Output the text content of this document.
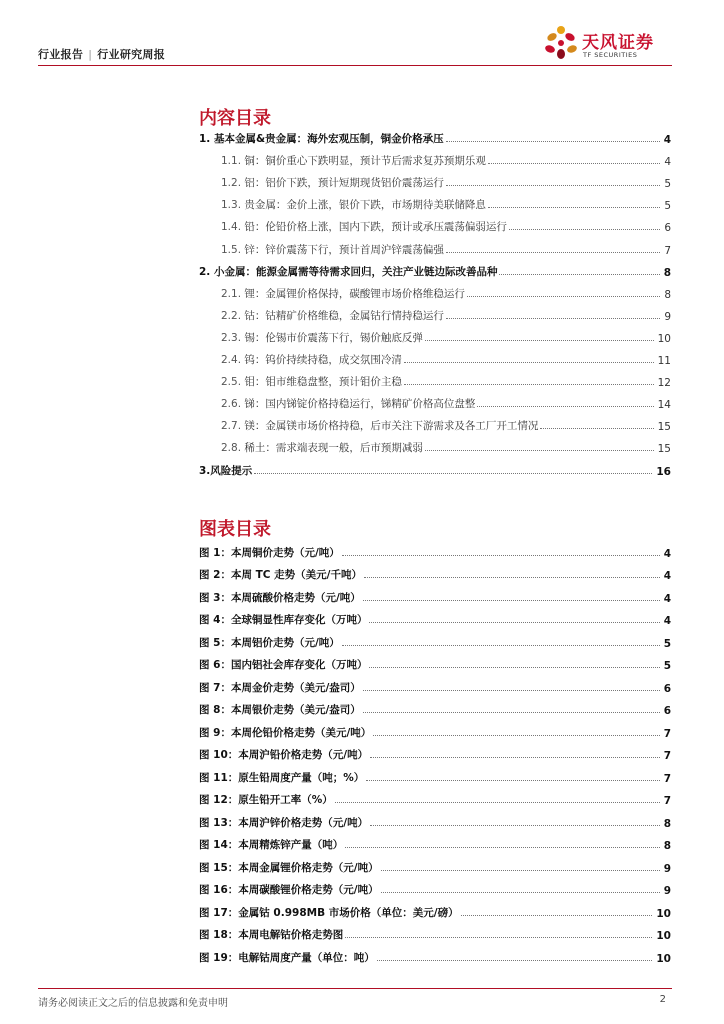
行业报告 | 行业研究周报
天风证券
TF SECURITIES
内容目录
1. 基本金属&贵金属：海外宏观压制，铜金价格承压	4
1.1. 铜：铜价重心下跌明显，预计节后需求复苏预期乐观	4
1.2. 铝：铝价下跌，预计短期现货铝价震荡运行	5
1.3. 贵金属：金价上涨，银价下跌，市场期待美联储降息	5
1.4. 铅：伦铅价格上涨，国内下跌，预计或承压震荡偏弱运行	6
1.5. 锌：锌价震荡下行，预计首周沪锌震荡偏强	7
2. 小金属：能源金属需等待需求回归，关注产业链边际改善品种	8
2.1. 锂：金属锂价格保持，碳酸锂市场价格维稳运行	8
2.2. 钴：钴精矿价格维稳，金属钴行情持稳运行	9
2.3. 锡：伦锡市价震荡下行，锡价触底反弹	10
2.4. 钨：钨价持续持稳，成交氛围冷清	11
2.5. 钼：钼市维稳盘整，预计钼价主稳	12
2.6. 锑：国内锑锭价格持稳运行，锑精矿价格高位盘整	14
2.7. 镁：金属镁市场价格持稳，后市关注下游需求及各工厂开工情况	15
2.8. 稀土：需求端表现一般，后市预期减弱	15
3.风险提示	16
图表目录
图 1：本周铜价走势（元/吨）	4
图 2：本周 TC 走势（美元/千吨）	4
图 3：本周硫酸价格走势（元/吨）	4
图 4：全球铜显性库存变化（万吨）	4
图 5：本周铝价走势（元/吨）	5
图 6：国内铝社会库存变化（万吨）	5
图 7：本周金价走势（美元/盎司）	6
图 8：本周银价走势（美元/盎司）	6
图 9：本周伦铅价格走势（美元/吨）	7
图 10：本周沪铅价格走势（元/吨）	7
图 11：原生铅周度产量（吨；%）	7
图 12：原生铅开工率（%）	7
图 13：本周沪锌价格走势（元/吨）	8
图 14：本周精炼锌产量（吨）	8
图 15：本周金属锂价格走势（元/吨）	9
图 16：本周碳酸锂价格走势（元/吨）	9
图 17：金属钴 0.998MB 市场价格（单位：美元/磅）	10
图 18：本周电解钴价格走势图	10
图 19：电解钴周度产量（单位：吨）	10
请务必阅读正文之后的信息披露和免责申明	2
